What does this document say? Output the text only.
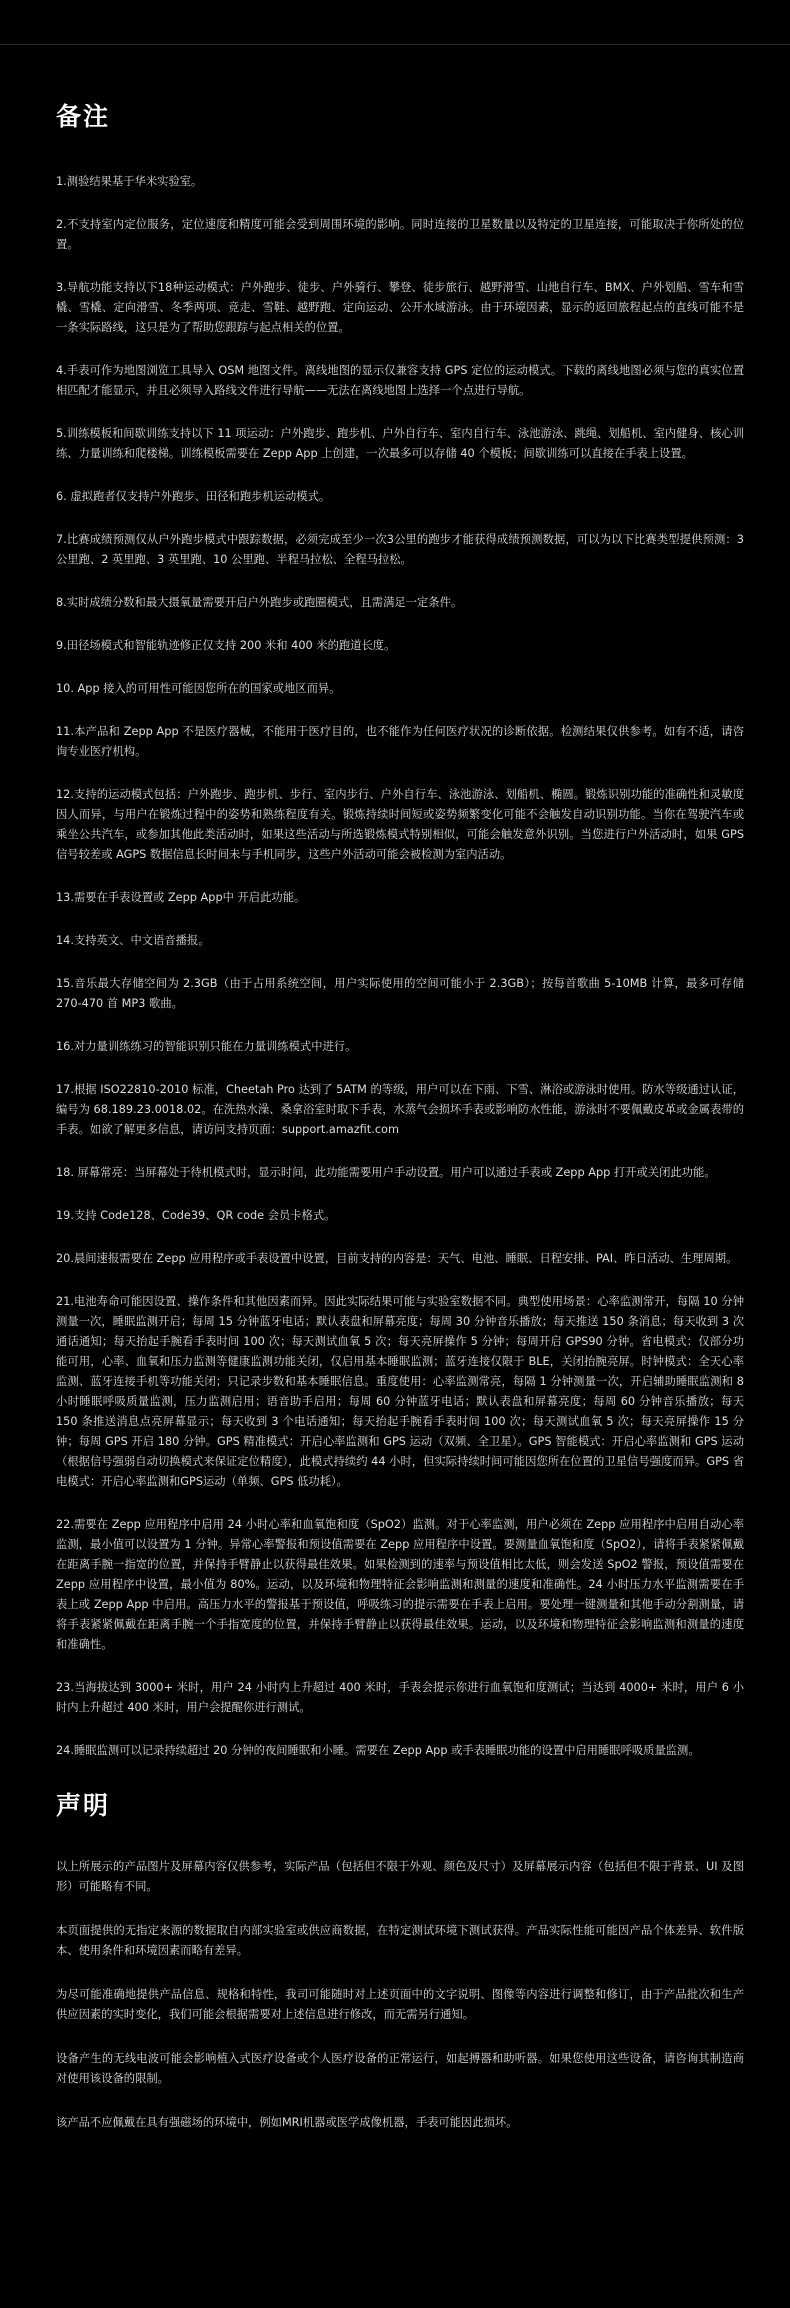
备注
1.测验结果基于华米实验室。
2.不支持室内定位服务，定位速度和精度可能会受到周围环境的影响。同时连接的卫星数量以及特定的卫星连接，可能取决于你所处的位置。
3.导航功能支持以下18种运动模式：户外跑步、徒步、户外骑行、攀登、徒步旅行、越野滑雪、山地自行车、BMX、户外划船、雪车和雪橇、雪橇、定向滑雪、冬季两项、竞走、雪鞋、越野跑、定向运动、公开水域游泳。由于环境因素，显示的返回旅程起点的直线可能不是一条实际路线，这只是为了帮助您跟踪与起点相关的位置。
4.手表可作为地图浏览工具导入 OSM 地图文件。离线地图的显示仅兼容支持 GPS 定位的运动模式。下载的离线地图必须与您的真实位置相匹配才能显示，并且必须导入路线文件进行导航——无法在离线地图上选择一个点进行导航。
5.训练模板和间歇训练支持以下 11 项运动：户外跑步、跑步机、户外自行车、室内自行车、泳池游泳、跳绳、划船机、室内健身、核心训练、力量训练和爬楼梯。训练模板需要在 Zepp App 上创建，一次最多可以存储 40 个模板；间歇训练可以直接在手表上设置。
6. 虚拟跑者仅支持户外跑步、田径和跑步机运动模式。
7.比赛成绩预测仅从户外跑步模式中跟踪数据，必须完成至少一次3公里的跑步才能获得成绩预测数据，可以为以下比赛类型提供预测：3 公里跑、2 英里跑、3 英里跑、10 公里跑、半程马拉松、全程马拉松。
8.实时成绩分数和最大摄氧量需要开启户外跑步或跑圈模式，且需满足一定条件。
9.田径场模式和智能轨迹修正仅支持 200 米和 400 米的跑道长度。
10. App 接入的可用性可能因您所在的国家或地区而异。
11.本产品和 Zepp App 不是医疗器械，不能用于医疗目的，也不能作为任何医疗状况的诊断依据。检测结果仅供参考。如有不适，请咨询专业医疗机构。
12.支持的运动模式包括：户外跑步、跑步机、步行、室内步行、户外自行车、泳池游泳、划船机、椭圆。锻炼识别功能的准确性和灵敏度因人而异，与用户在锻炼过程中的姿势和熟练程度有关。锻炼持续时间短或姿势频繁变化可能不会触发自动识别功能。当你在驾驶汽车或乘坐公共汽车，或参加其他此类活动时，如果这些活动与所选锻炼模式特别相似，可能会触发意外识别。当您进行户外活动时，如果 GPS 信号较差或 AGPS 数据信息长时间未与手机同步，这些户外活动可能会被检测为室内活动。
13.需要在手表设置或 Zepp App中 开启此功能。
14.支持英文、中文语音播报。
15.音乐最大存储空间为 2.3GB（由于占用系统空间，用户实际使用的空间可能小于 2.3GB）；按每首歌曲 5-10MB 计算，最多可存储 270-470 首 MP3 歌曲。
16.对力量训练练习的智能识别只能在力量训练模式中进行。
17.根据 ISO22810-2010 标准，Cheetah Pro 达到了 5ATM 的等级，用户可以在下雨、下雪、淋浴或游泳时使用。防水等级通过认证，编号为 68.189.23.0018.02。在洗热水澡、桑拿浴室时取下手表，水蒸气会损坏手表或影响防水性能，游泳时不要佩戴皮革或金属表带的手表。如欲了解更多信息，请访问支持页面：support.amazfit.com
18. 屏幕常亮：当屏幕处于待机模式时，显示时间，此功能需要用户手动设置。用户可以通过手表或 Zepp App 打开或关闭此功能。
19.支持 Code128、Code39、QR code 会员卡格式。
20.晨间速报需要在 Zepp 应用程序或手表设置中设置，目前支持的内容是：天气、电池、睡眠、日程安排、PAI、昨日活动、生理周期。
21.电池寿命可能因设置、操作条件和其他因素而异。因此实际结果可能与实验室数据不同。典型使用场景：心率监测常开，每隔 10 分钟测量一次，睡眠监测开启；每周 15 分钟蓝牙电话；默认表盘和屏幕亮度；每周 30 分钟音乐播放；每天推送 150 条消息；每天收到 3 次通话通知；每天抬起手腕看手表时间 100 次；每天测试血氧 5 次；每天亮屏操作 5 分钟；每周开启 GPS90 分钟。省电模式：仅部分功能可用，心率、血氧和压力监测等健康监测功能关闭，仅启用基本睡眠监测；蓝牙连接仅限于 BLE，关闭抬腕亮屏。时钟模式：全天心率监测、蓝牙连接手机等功能关闭；只记录步数和基本睡眠信息。重度使用：心率监测常亮，每隔 1 分钟测量一次，开启辅助睡眠监测和 8 小时睡眠呼吸质量监测，压力监测启用；语音助手启用；每周 60 分钟蓝牙电话；默认表盘和屏幕亮度；每周 60 分钟音乐播放；每天 150 条推送消息点亮屏幕显示；每天收到 3 个电话通知；每天抬起手腕看手表时间 100 次；每天测试血氧 5 次；每天亮屏操作 15 分钟；每周 GPS 开启 180 分钟。GPS 精准模式：开启心率监测和 GPS 运动（双频、全卫星）。GPS 智能模式：开启心率监测和 GPS 运动（根据信号强弱自动切换模式来保证定位精度），此模式持续约 44 小时，但实际持续时间可能因您所在位置的卫星信号强度而异。GPS 省电模式：开启心率监测和GPS运动（单频、GPS 低功耗）。
22.需要在 Zepp 应用程序中启用 24 小时心率和血氧饱和度（SpO2）监测。对于心率监测，用户必须在 Zepp 应用程序中启用自动心率监测，最小值可以设置为 1 分钟。异常心率警报和预设值需要在 Zepp 应用程序中设置。要测量血氧饱和度（SpO2），请将手表紧紧佩戴在距离手腕一指宽的位置，并保持手臂静止以获得最佳效果。如果检测到的速率与预设值相比太低，则会发送 SpO2 警报，预设值需要在 Zepp 应用程序中设置，最小值为 80%。运动，以及环境和物理特征会影响监测和测量的速度和准确性。24 小时压力水平监测需要在手表上或 Zepp App 中启用。高压力水平的警报基于预设值，呼吸练习的提示需要在手表上启用。要处理一键测量和其他手动分割测量，请将手表紧紧佩戴在距离手腕一个手指宽度的位置，并保持手臂静止以获得最佳效果。运动，以及环境和物理特征会影响监测和测量的速度和准确性。
23.当海拔达到 3000+ 米时，用户 24 小时内上升超过 400 米时，手表会提示你进行血氧饱和度测试；当达到 4000+ 米时，用户 6 小时内上升超过 400 米时，用户会提醒你进行测试。
24.睡眠监测可以记录持续超过 20 分钟的夜间睡眠和小睡。需要在 Zepp App 或手表睡眠功能的设置中启用睡眠呼吸质量监测。
声明

以上所展示的产品图片及屏幕内容仅供参考，实际产品（包括但不限于外观、颜色及尺寸）及屏幕展示内容（包括但不限于背景、UI 及图形）可能略有不同。

本页面提供的无指定来源的数据取自内部实验室或供应商数据，在特定测试环境下测试获得。产品实际性能可能因产品个体差异、软件版本、使用条件和环境因素而略有差异。

为尽可能准确地提供产品信息、规格和特性，我司可能随时对上述页面中的文字说明、图像等内容进行调整和修订，由于产品批次和生产供应因素的实时变化，我们可能会根据需要对上述信息进行修改，而无需另行通知。

设备产生的无线电波可能会影响植入式医疗设备或个人医疗设备的正常运行，如起搏器和助听器。如果您使用这些设备，请咨询其制造商对使用该设备的限制。

该产品不应佩戴在具有强磁场的环境中，例如MRI机器或医学成像机器，手表可能因此损坏。
